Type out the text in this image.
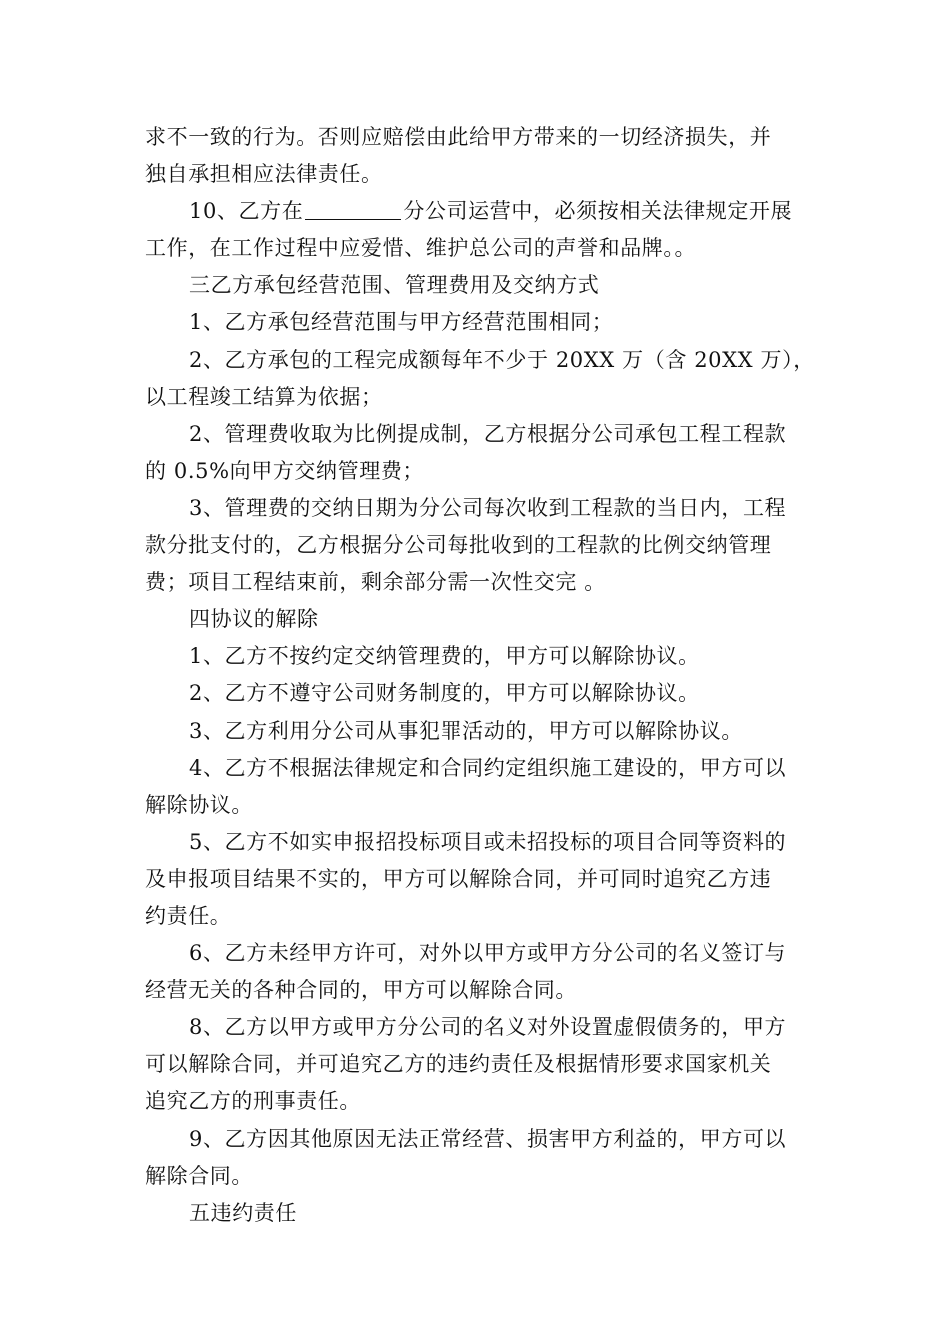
求不一致的行为。否则应赔偿由此给甲方带来的一切经济损失，并

独自承担相应法律责任。

10、乙方在	分公司运营中，必须按相关法律规定开展

工作，在工作过程中应爱惜、维护总公司的声誉和品牌。。

三乙方承包经营范围、管理费用及交纳方式

1、乙方承包经营范围与甲方经营范围相同；

2、乙方承包的工程完成额每年不少于 20XX 万（含 20XX 万），

以工程竣工结算为依据；

2、管理费收取为比例提成制，乙方根据分公司承包工程工程款

的 0.5%向甲方交纳管理费；

3、管理费的交纳日期为分公司每次收到工程款的当日内，工程

款分批支付的，乙方根据分公司每批收到的工程款的比例交纳管理

费；项目工程结束前，剩余部分需一次性交完 。

四协议的解除

1、乙方不按约定交纳管理费的，甲方可以解除协议。

2、乙方不遵守公司财务制度的，甲方可以解除协议。

3、乙方利用分公司从事犯罪活动的，甲方可以解除协议。

4、乙方不根据法律规定和合同约定组织施工建设的，甲方可以

解除协议。

5、乙方不如实申报招投标项目或未招投标的项目合同等资料的

及申报项目结果不实的，甲方可以解除合同，并可同时追究乙方违

约责任。

6、乙方未经甲方许可，对外以甲方或甲方分公司的名义签订与

经营无关的各种合同的，甲方可以解除合同。

8、乙方以甲方或甲方分公司的名义对外设置虚假债务的，甲方

可以解除合同，并可追究乙方的违约责任及根据情形要求国家机关

追究乙方的刑事责任。

9、乙方因其他原因无法正常经营、损害甲方利益的，甲方可以

解除合同。

五违约责任
